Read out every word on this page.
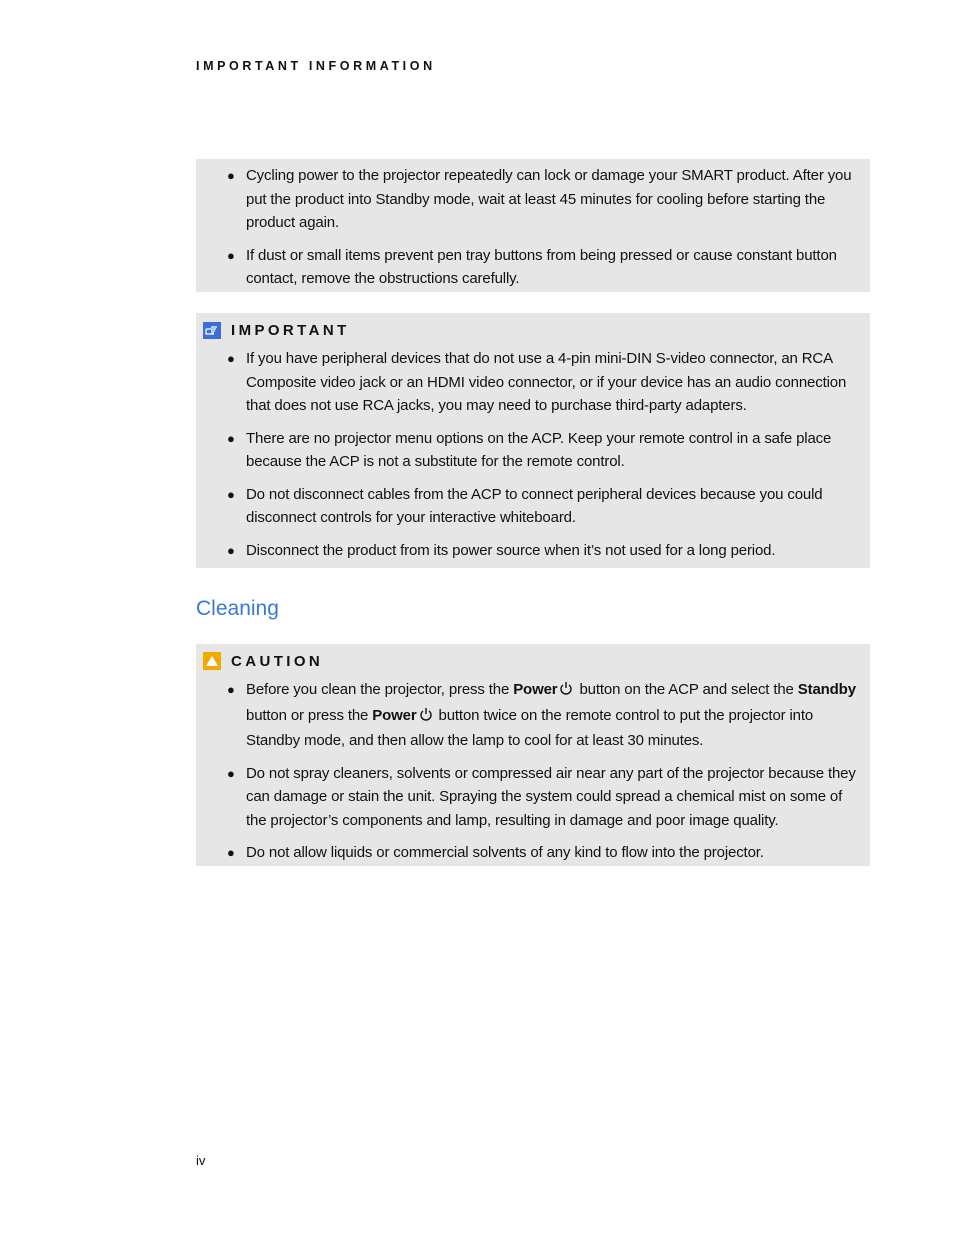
IMPORTANT INFORMATION
● Cycling power to the projector repeatedly can lock or damage your SMART product. After you put the product into Standby mode, wait at least 45 minutes for cooling before starting the product again.
● If dust or small items prevent pen tray buttons from being pressed or cause constant button contact, remove the obstructions carefully.
IMPORTANT
● If you have peripheral devices that do not use a 4-pin mini-DIN S-video connector, an RCA Composite video jack or an HDMI video connector, or if your device has an audio connection that does not use RCA jacks, you may need to purchase third-party adapters.
● There are no projector menu options on the ACP. Keep your remote control in a safe place because the ACP is not a substitute for the remote control.
● Do not disconnect cables from the ACP to connect peripheral devices because you could disconnect controls for your interactive whiteboard.
● Disconnect the product from its power source when it’s not used for a long period.
Cleaning
CAUTION
● Before you clean the projector, press the Power button on the ACP and select the Standby button or press the Power button twice on the remote control to put the projector into Standby mode, and then allow the lamp to cool for at least 30 minutes.
● Do not spray cleaners, solvents or compressed air near any part of the projector because they can damage or stain the unit. Spraying the system could spread a chemical mist on some of the projector’s components and lamp, resulting in damage and poor image quality.
● Do not allow liquids or commercial solvents of any kind to flow into the projector.
iv
